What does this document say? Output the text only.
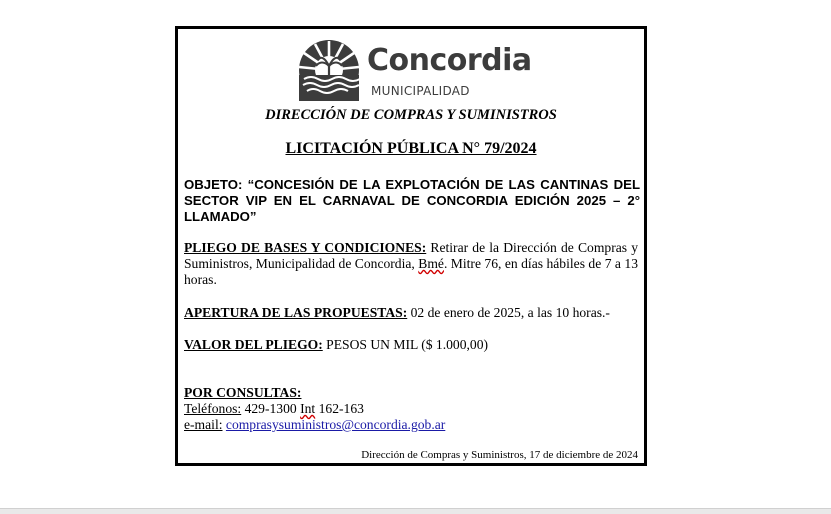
Concordia
MUNICIPALIDAD
DIRECCIÓN DE COMPRAS Y SUMINISTROS
LICITACIÓN PÚBLICA N° 79/2024
OBJETO: “CONCESIÓN DE LA EXPLOTACIÓN DE LAS CANTINAS DEL SECTOR VIP EN EL CARNAVAL DE CONCORDIA EDICIÓN 2025 – 2° LLAMADO”
PLIEGO DE BASES Y CONDICIONES: Retirar de la Dirección de Compras y Suministros, Municipalidad de Concordia, Bmé. Mitre 76, en días hábiles de 7 a 13 horas.
APERTURA DE LAS PROPUESTAS: 02 de enero de 2025, a las 10 horas.-
VALOR DEL PLIEGO: PESOS UN MIL ($ 1.000,00)
POR CONSULTAS:
Teléfonos: 429-1300 Int 162-163
e-mail: comprasysuministros@concordia.gob.ar
Dirección de Compras y Suministros, 17 de diciembre de 2024
